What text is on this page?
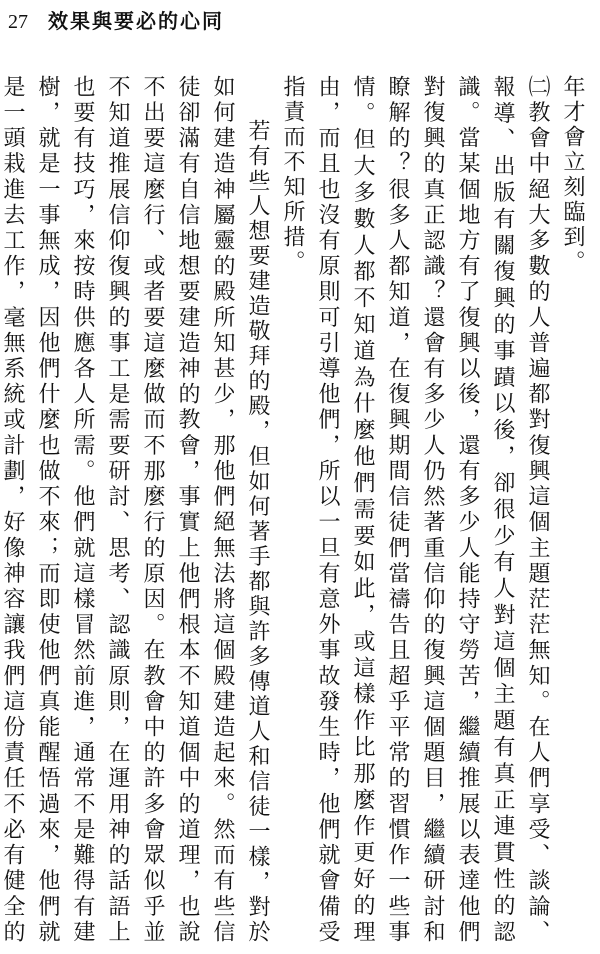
27 效果與要必的心同

年才會立刻臨到。

㈡教會中絕大多數的人普遍都對復興這個主題茫茫無知。在人們享受、談論、報導、出版有關復興的事蹟以後，卻很少有人對這個主題有真正連貫性的認識。當某個地方有了復興以後，還有多少人能持守勞苦，繼續推展以表達他們對復興的真正認識？還會有多少人仍然著重信仰的復興這個題目，繼續研討和瞭解的？很多人都知道，在復興期間信徒們當禱告且超乎平常的習慣作一些事情。但大多數人都不知道為什麼他們需要如此，或這樣作比那麼作更好的理由，而且也沒有原則可引導他們，所以一旦有意外事故發生時，他們就會備受指責而不知所措。

若有些人想要建造敬拜的殿，但如何著手都與許多傳道人和信徒一樣，對於如何建造神屬靈的殿所知甚少，那他們絕無法將這個殿建造起來。然而有些信徒卻滿有自信地想要建造神的教會，事實上他們根本不知道個中的道理，也說不出要這麼行、或者要這麼做而不那麼行的原因。在教會中的許多會眾似乎並不知道推展信仰復興的事工是需要研討、思考、認識原則，在運用神的話語上也要有技巧，來按時供應各人所需。他們就這樣冒然前進，通常不是難得有建樹，就是一事無成，因他們什麼也做不來；而即使他們真能醒悟過來，他們就是一頭栽進去工作，毫無系統或計劃，好像神容讓我們這份責任不必有健全的
